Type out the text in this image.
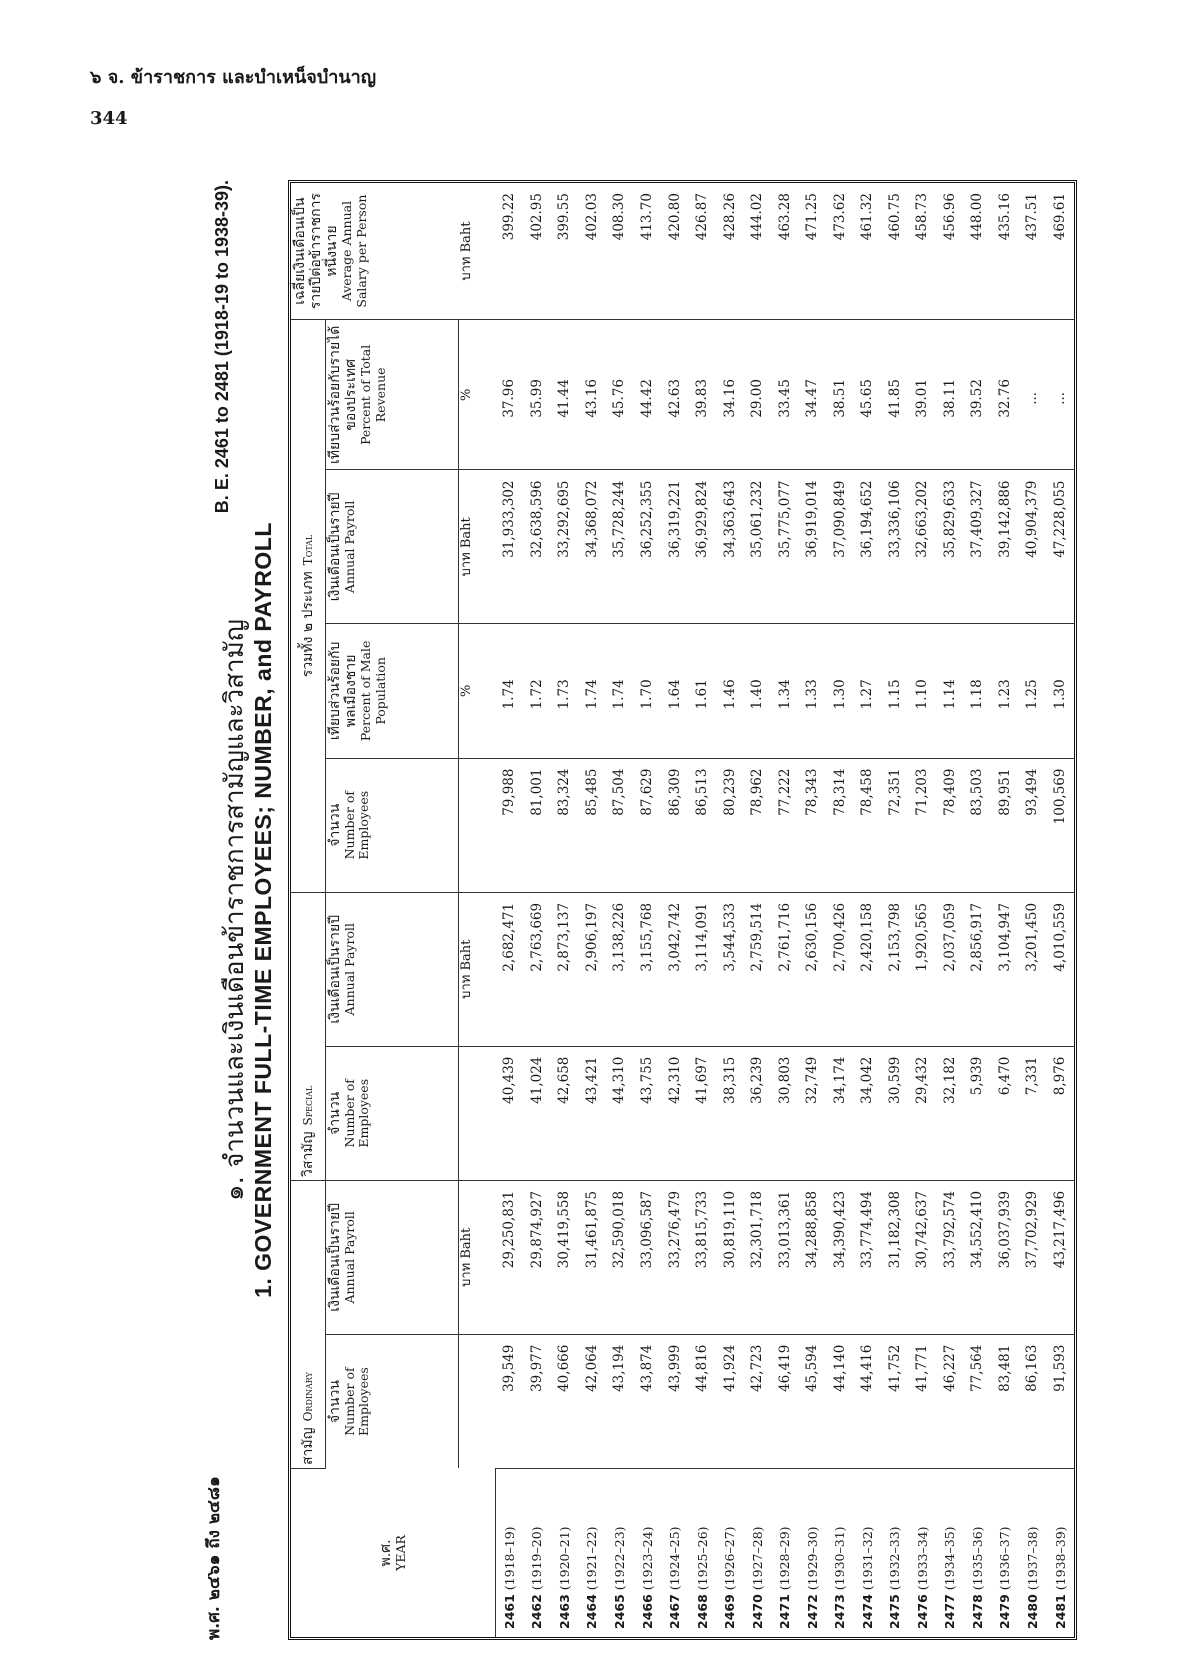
๖ จ. ข้าราชการ และบำเหน็จบำนาญ
344
พ.ศ. ๒๔๖๑ ถึง ๒๔๘๑
๑. จำนวนและเงินเดือนข้าราชการสามัญและวิสามัญ 1. GOVERNMENT FULL-TIME EMPLOYEES; NUMBER, and PAYROLL
B. E. 2461 to 2481 (1918-19 to 1938-39).
พ.ศ. YEAR	สามัญOrdinary		วิสามัญSpecial		รวมทั้ง ๒ ประเภทTotal				เฉลี่ยเงินเดือนเป็นรายปีต่อข้าราชการหนึ่งนาย Average Annual Salary per Person

	จำนวน Number of Employees	เงินเดือนเป็นรายปี Annual Payroll	จำนวน Number of Employees	เงินเดือนเป็นรายปี Annual Payroll	จำนวน Number of Employees	เทียบส่วนร้อยกับพลเมืองชาย Percent of Male Population	เงินเดือนเป็นรายปี Annual Payroll	เทียบส่วนร้อยกับรายได้ของประเทศ Percent of Total Revenue	

		บาท Baht		บาท Baht		%	บาท Baht	%	บาท Baht
2461(1918–19)	39,549	29,250,831	40,439	2,682,471	79,988	1.74	31,933,302	37.96	399.22
2462(1919–20)	39,977	29,874,927	41,024	2,763,669	81,001	1.72	32,638,596	35.99	402.95
2463(1920–21)	40,666	30,419,558	42,658	2,873,137	83,324	1.73	33,292,695	41.44	399.55
2464(1921–22)	42,064	31,461,875	43,421	2,906,197	85,485	1.74	34,368,072	43.16	402.03
2465(1922–23)	43,194	32,590,018	44,310	3,138,226	87,504	1.74	35,728,244	45.76	408.30
2466(1923–24)	43,874	33,096,587	43,755	3,155,768	87,629	1.70	36,252,355	44.42	413.70
2467(1924–25)	43,999	33,276,479	42,310	3,042,742	86,309	1.64	36,319,221	42.63	420.80
2468(1925–26)	44,816	33,815,733	41,697	3,114,091	86,513	1.61	36,929,824	39.83	426.87
2469(1926–27)	41,924	30,819,110	38,315	3,544,533	80,239	1.46	34,363,643	34.16	428.26
2470(1927–28)	42,723	32,301,718	36,239	2,759,514	78,962	1.40	35,061,232	29.00	444.02
2471(1928–29)	46,419	33,013,361	30,803	2,761,716	77,222	1.34	35,775,077	33.45	463.28
2472(1929–30)	45,594	34,288,858	32,749	2,630,156	78,343	1.33	36,919,014	34.47	471.25
2473(1930–31)	44,140	34,390,423	34,174	2,700,426	78,314	1.30	37,090,849	38.51	473.62
2474(1931–32)	44,416	33,774,494	34,042	2,420,158	78,458	1.27	36,194,652	45.65	461.32
2475(1932–33)	41,752	31,182,308	30,599	2,153,798	72,351	1.15	33,336,106	41.85	460.75
2476(1933–34)	41,771	30,742,637	29,432	1,920,565	71,203	1.10	32,663,202	39.01	458.73
2477(1934–35)	46,227	33,792,574	32,182	2,037,059	78,409	1.14	35,829,633	38.11	456.96
2478(1935–36)	77,564	34,552,410	5,939	2,856,917	83,503	1.18	37,409,327	39.52	448.00
2479(1936–37)	83,481	36,037,939	6,470	3,104,947	89,951	1.23	39,142,886	32.76	435.16
2480(1937–38)	86,163	37,702,929	7,331	3,201,450	93,494	1.25	40,904,379	...	437.51
2481(1938–39)	91,593	43,217,496	8,976	4,010,559	100,569	1.30	47,228,055	...	469.61
